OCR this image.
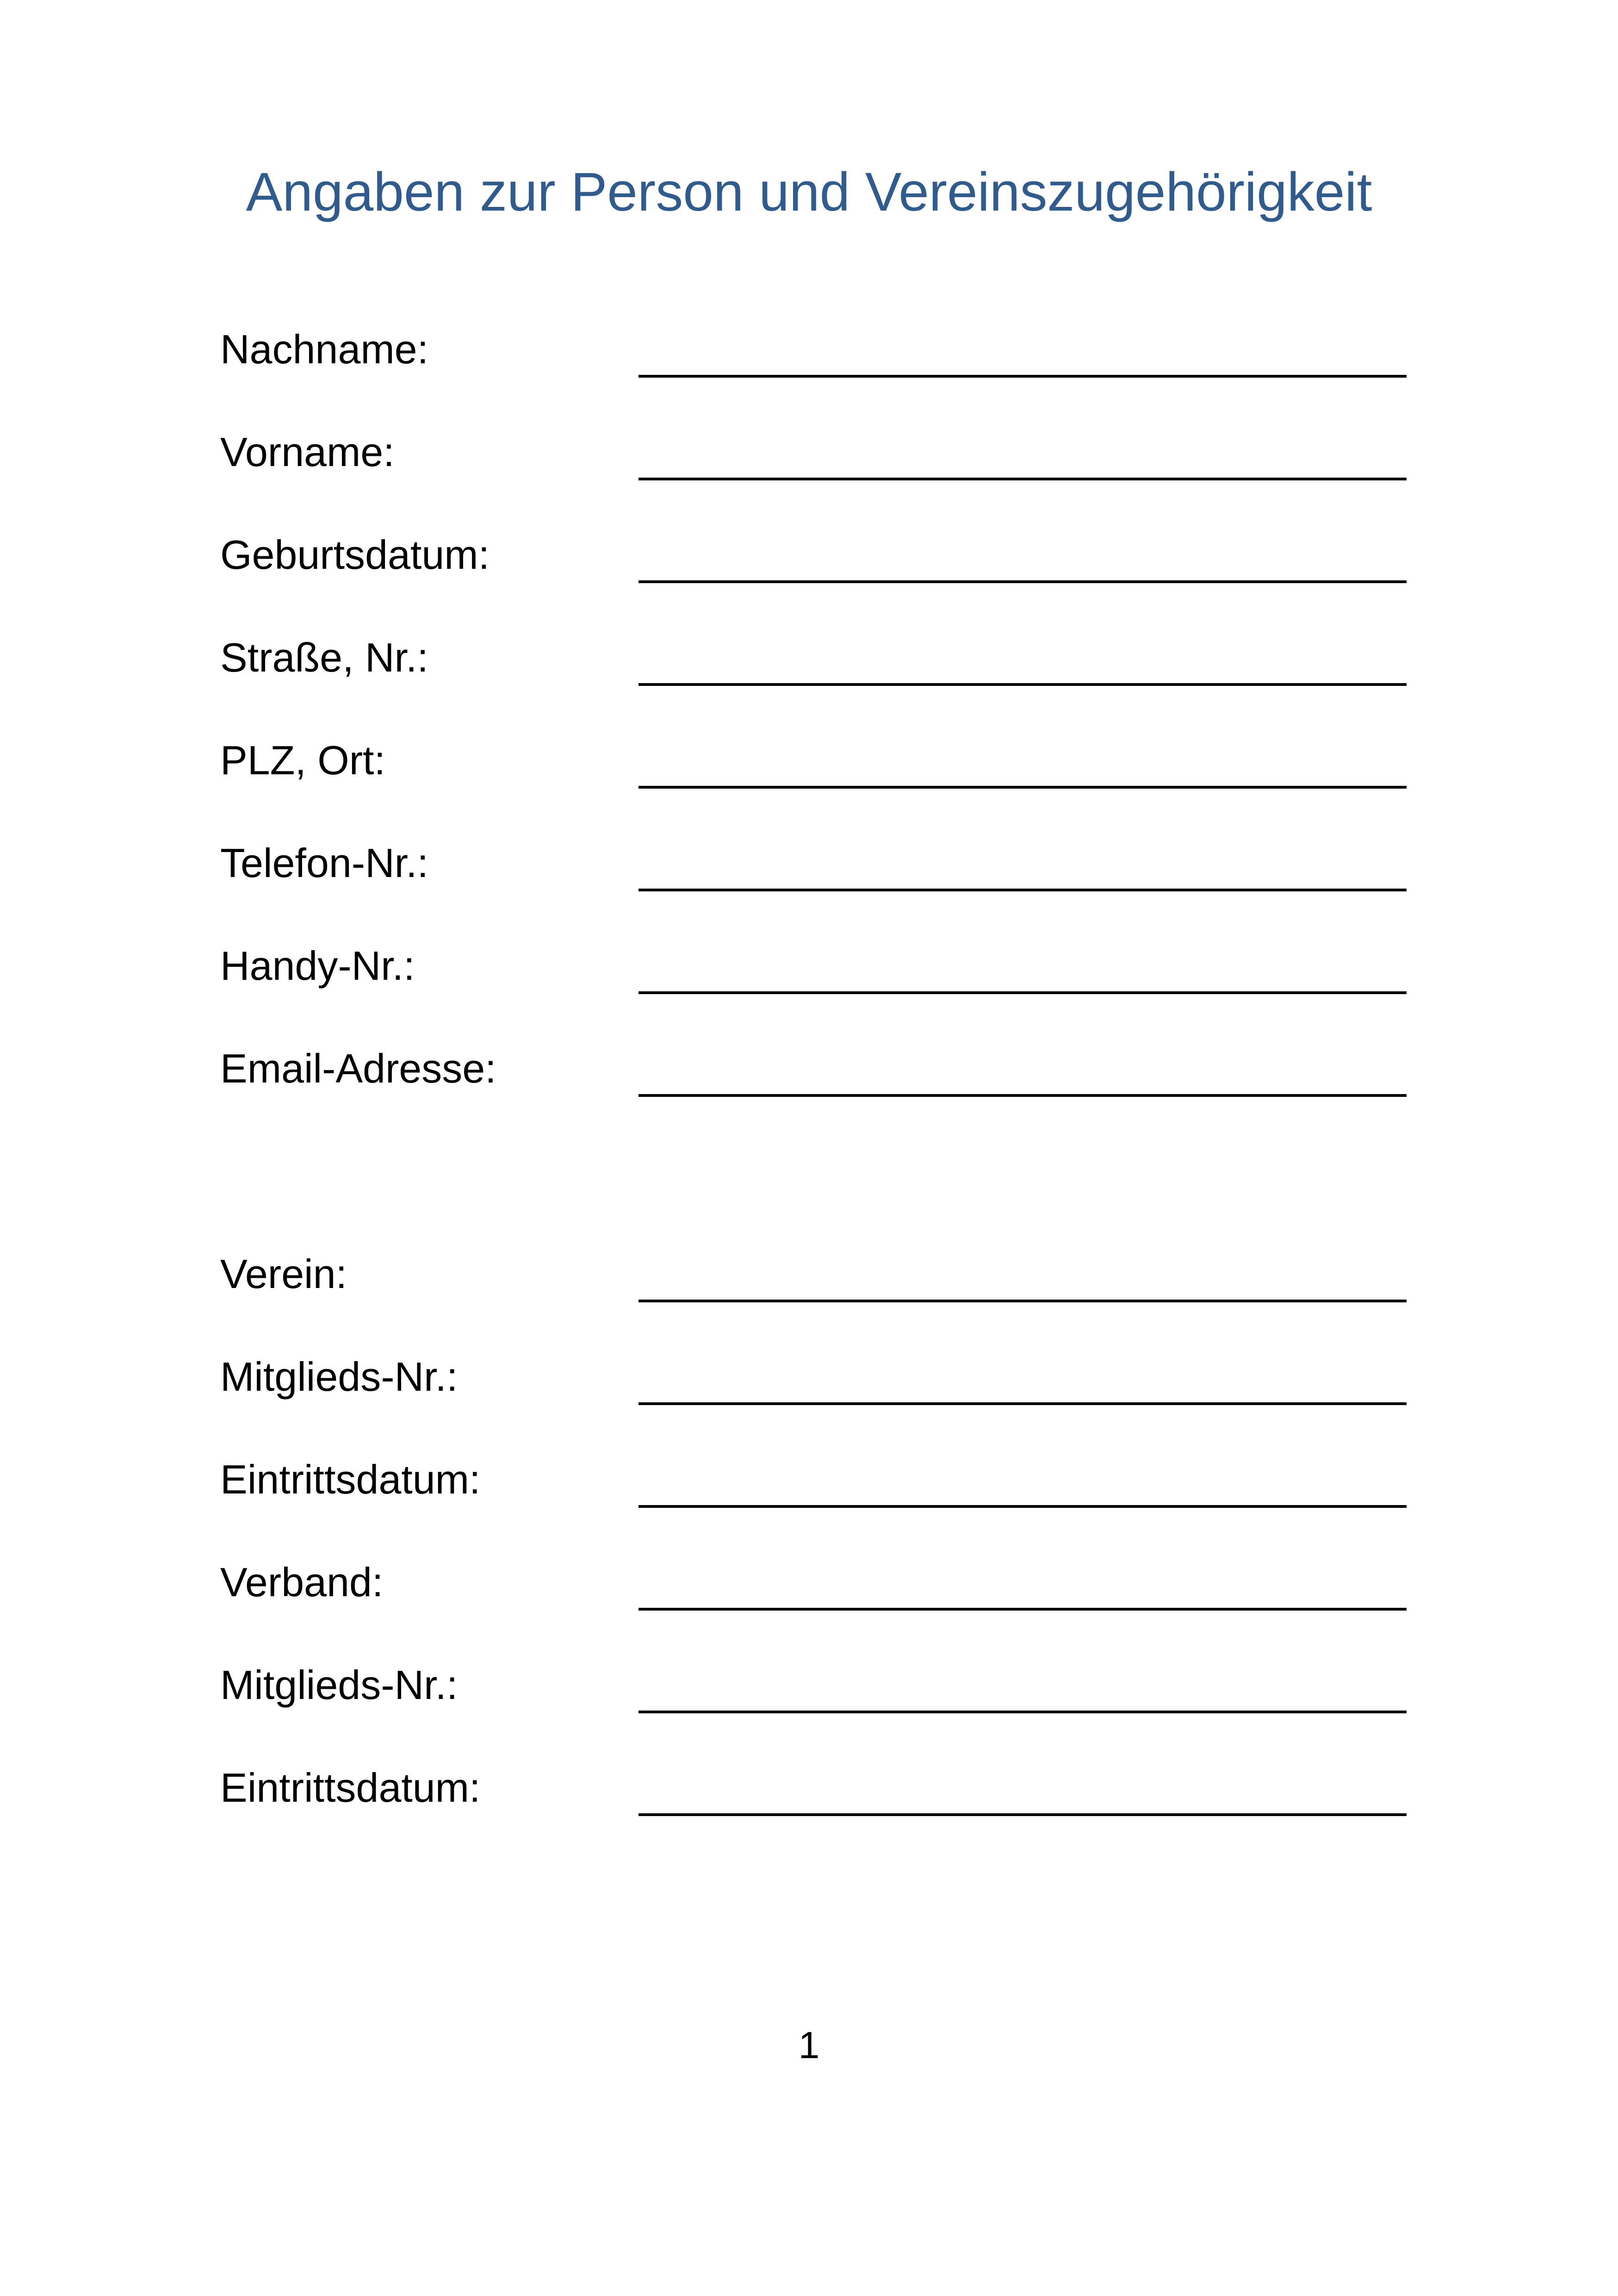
Angaben zur Person und Vereinszugehörigkeit
Nachname:
Vorname:
Geburtsdatum:
Straße, Nr.:
PLZ, Ort:
Telefon-Nr.:
Handy-Nr.:
Email-Adresse:
Verein:
Mitglieds-Nr.:
Eintrittsdatum:
Verband:
Mitglieds-Nr.:
Eintrittsdatum:
1
